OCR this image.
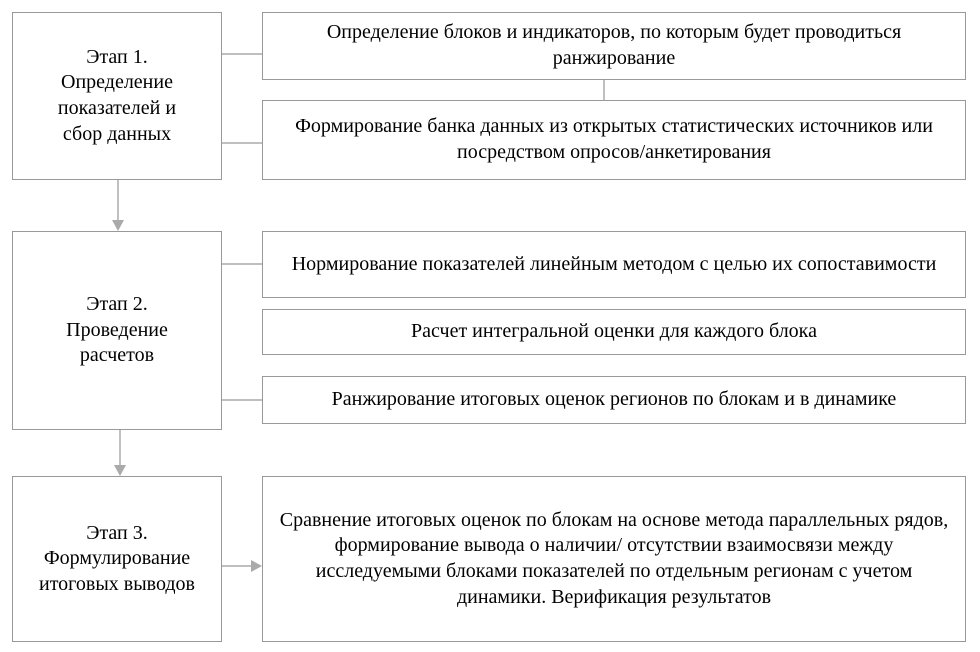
Этап 1.
Определение
показателей и
сбор данных
Определение блоков и индикаторов, по которым будет проводиться ранжирование
Формирование банка данных из открытых статистических источников или посредством опросов/анкетирования
Этап 2.
Проведение
расчетов
Нормирование показателей линейным методом с целью их сопоставимости
Расчет интегральной оценки для каждого блока
Ранжирование итоговых оценок регионов по блокам и в динамике
Этап 3.
Формулирование
итоговых выводов
Сравнение итоговых оценок по блокам на основе метода параллельных рядов, формирование вывода о наличии/ отсутствии взаимосвязи между исследуемыми блоками показателей по отдельным регионам с учетом динамики. Верификация результатов
